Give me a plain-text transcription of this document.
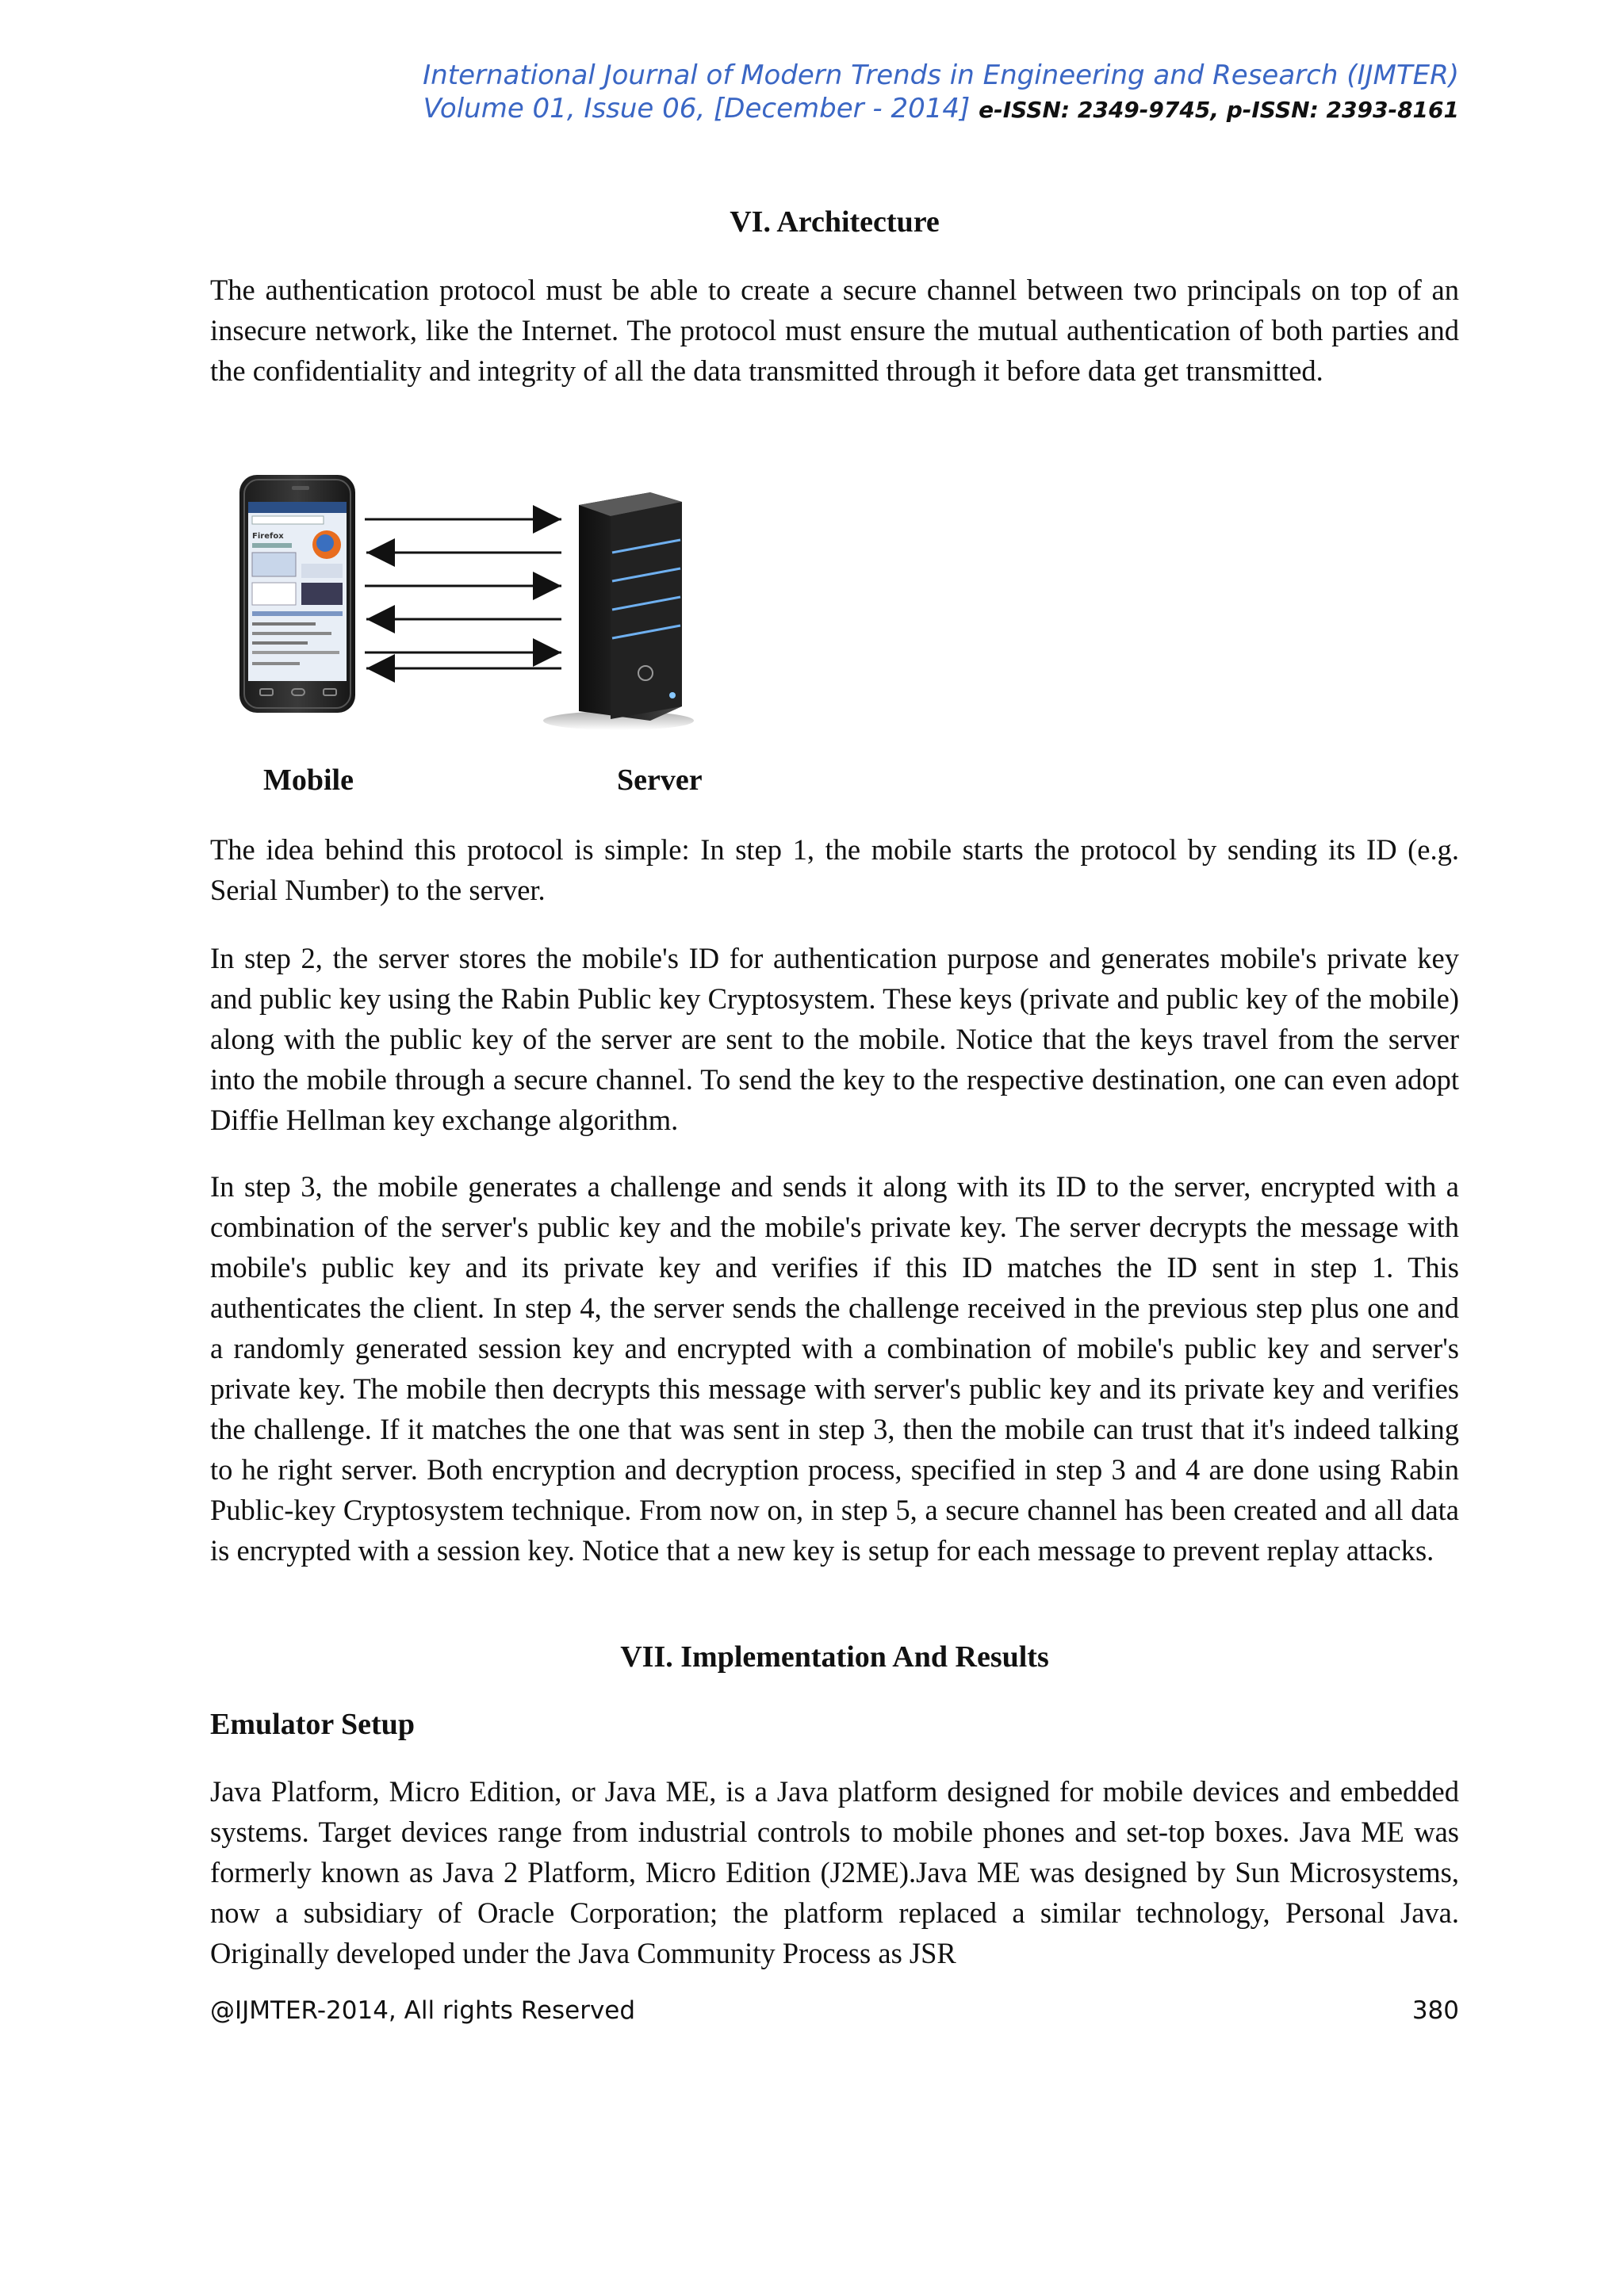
International Journal of Modern Trends in Engineering and Research (IJMTER)
Volume 01, Issue 06, [December - 2014] e-ISSN: 2349-9745, p-ISSN: 2393-8161
VI. Architecture
The authentication protocol must be able to create a secure channel between two principals on top of an insecure network, like the Internet. The protocol must ensure the mutual authentication of both parties and the confidentiality and integrity of all the data transmitted through it before data get transmitted.
Firefox
Mobile	Server
The idea behind this protocol is simple: In step 1, the mobile starts the protocol by sending its ID (e.g. Serial Number) to the server.
In step 2, the server stores the mobile's ID for authentication purpose and generates mobile's private key and public key using the Rabin Public key Cryptosystem. These keys (private and public key of the mobile) along with the public key of the server are sent to the mobile. Notice that the keys travel from the server into the mobile through a secure channel. To send the key to the respective destination, one can even adopt Diffie Hellman key exchange algorithm.
In step 3, the mobile generates a challenge and sends it along with its ID to the server, encrypted with a combination of the server's public key and the mobile's private key. The server decrypts the message with mobile's public key and its private key and verifies if this ID matches the ID sent in step 1. This authenticates the client. In step 4, the server sends the challenge received in the previous step plus one and a randomly generated session key and encrypted with a combination of mobile's public key and server's private key. The mobile then decrypts this message with server's public key and its private key and verifies the challenge. If it matches the one that was sent in step 3, then the mobile can trust that it's indeed talking to he right server. Both encryption and decryption process, specified in step 3 and 4 are done using Rabin Public-key Cryptosystem technique. From now on, in step 5, a secure channel has been created and all data is encrypted with a session key. Notice that a new key is setup for each message to prevent replay attacks.
VII. Implementation And Results
Emulator Setup
Java Platform, Micro Edition, or Java ME, is a Java platform designed for mobile devices and embedded systems. Target devices range from industrial controls to mobile phones and set-top boxes. Java ME was formerly known as Java 2 Platform, Micro Edition (J2ME).Java ME was designed by Sun Microsystems, now a subsidiary of Oracle Corporation; the platform replaced a similar technology, Personal Java. Originally developed under the Java Community Process as JSR
@IJMTER-2014, All rights Reserved	380
